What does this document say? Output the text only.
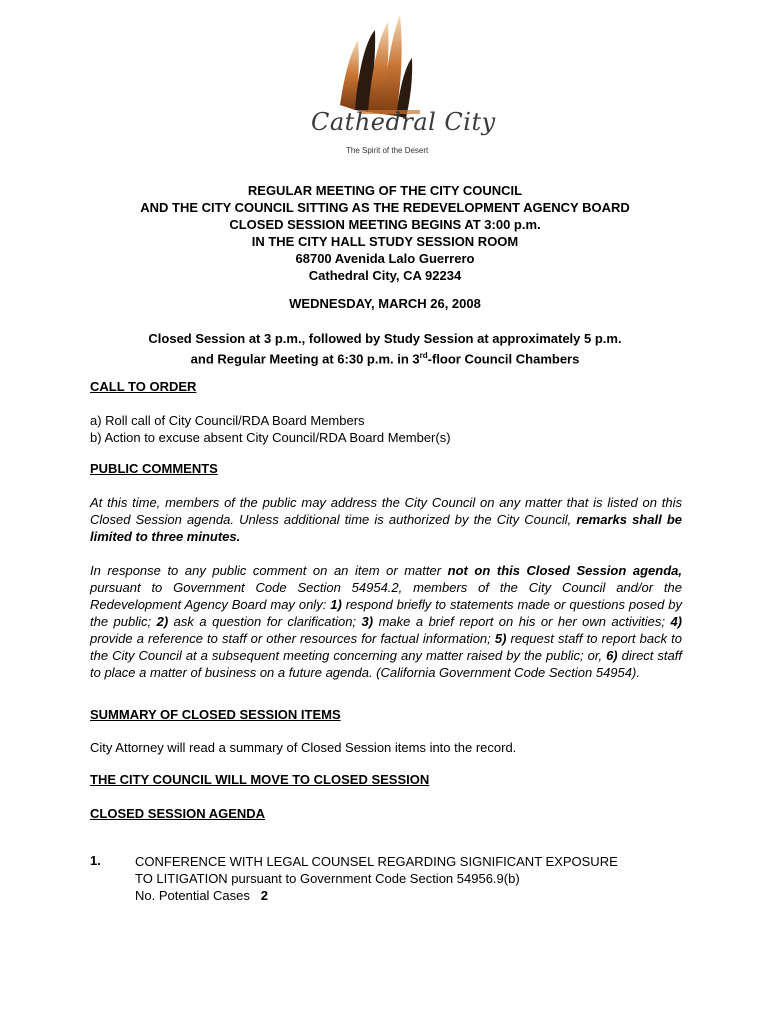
Cathedral City
The Spirit of the Desert
REGULAR MEETING OF THE CITY COUNCIL
AND THE CITY COUNCIL SITTING AS THE REDEVELOPMENT AGENCY BOARD
CLOSED SESSION MEETING BEGINS AT 3:00 p.m.
IN THE CITY HALL STUDY SESSION ROOM
68700 Avenida Lalo Guerrero
Cathedral City, CA 92234
WEDNESDAY, MARCH 26, 2008
Closed Session at 3 p.m., followed by Study Session at approximately 5 p.m.
and Regular Meeting at 6:30 p.m. in 3rd-floor Council Chambers
CALL TO ORDER
a) Roll call of City Council/RDA Board Members
b) Action to excuse absent City Council/RDA Board Member(s)
PUBLIC COMMENTS
At this time, members of the public may address the City Council on any matter that is listed on this Closed Session agenda. Unless additional time is authorized by the City Council, remarks shall be limited to three minutes.
In response to any public comment on an item or matter not on this Closed Session agenda, pursuant to Government Code Section 54954.2, members of the City Council and/or the Redevelopment Agency Board may only: 1) respond briefly to statements made or questions posed by the public; 2) ask a question for clarification; 3) make a brief report on his or her own activities; 4) provide a reference to staff or other resources for factual information; 5) request staff to report back to the City Council at a subsequent meeting concerning any matter raised by the public; or, 6) direct staff to place a matter of business on a future agenda. (California Government Code Section 54954).
SUMMARY OF CLOSED SESSION ITEMS
City Attorney will read a summary of Closed Session items into the record.
THE CITY COUNCIL WILL MOVE TO CLOSED SESSION
CLOSED SESSION AGENDA
1.	CONFERENCE WITH LEGAL COUNSEL REGARDING SIGNIFICANT EXPOSURE
TO LITIGATION pursuant to Government Code Section 54956.9(b)
No. Potential Cases 2
